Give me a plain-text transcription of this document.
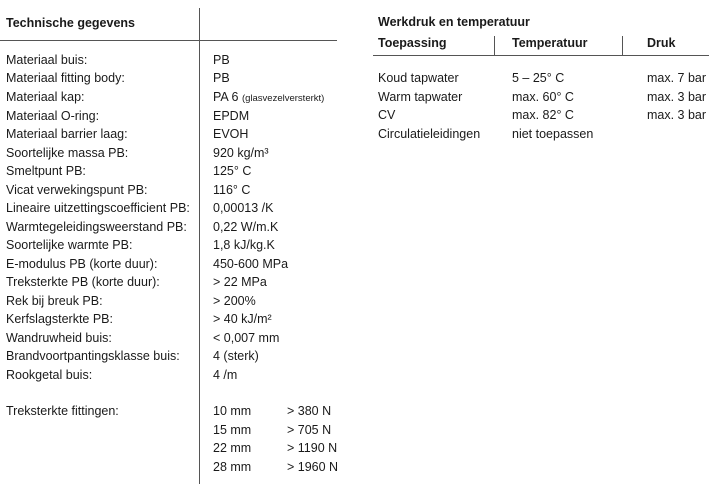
Technische gegevens
Materiaal buis:	PB
Materiaal fitting body:	PB
Materiaal kap:	PA 6 (glasvezelversterkt)
Materiaal O-ring:	EPDM
Materiaal barrier laag:	EVOH
Soortelijke massa PB:	920 kg/m³
Smeltpunt PB:	125° C
Vicat verwekingspunt PB:	116° C
Lineaire uitzettingscoefficient PB: 0,00013 /K
Warmtegeleidingsweerstand PB: 0,22 W/m.K
Soortelijke warmte PB:	1,8 kJ/kg.K
E-modulus PB (korte duur):	450-600 MPa
Treksterkte PB (korte duur):	> 22 MPa
Rek bij breuk PB:	> 200%
Kerfslagsterkte PB:	> 40 kJ/m²
Wandruwheid buis:	< 0,007 mm
Brandvoortpantingsklasse buis:	4 (sterk)
Rookgetal buis:	4 /m
Treksterkte fittingen:	10 mm	> 380 N
15 mm	> 705 N
22 mm	> 1190 N
28 mm	> 1960 N
Werkdruk en temperatuur
Toepassing	Temperatuur	Druk
Koud tapwater	5 – 25° C	max. 7 bar
Warm tapwater	max. 60° C	max. 3 bar
CV	max. 82° C	max. 3 bar
Circulatieleidingen	niet toepassen
